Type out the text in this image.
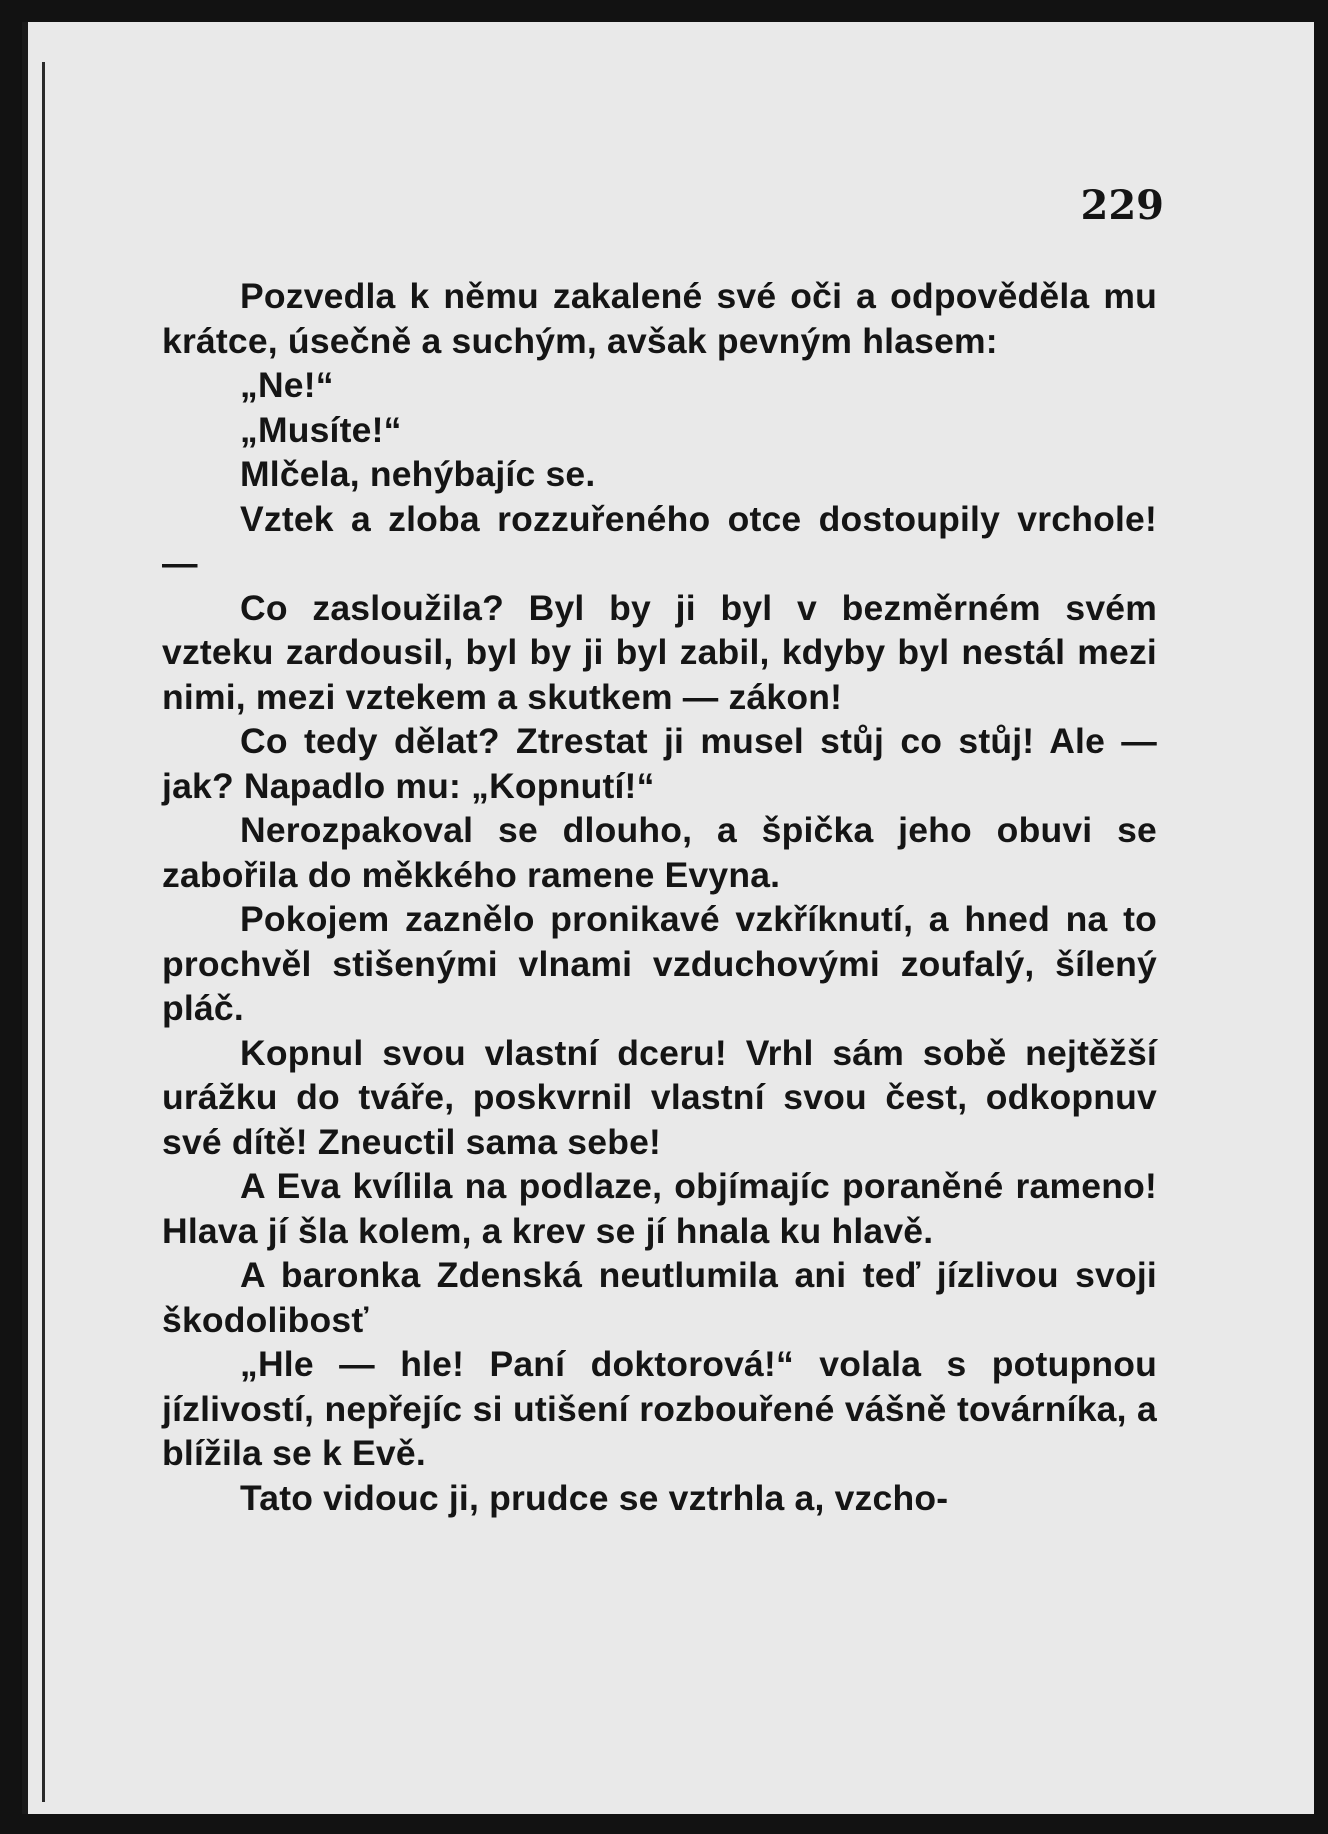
229

Pozvedla k němu zakalené své oči a odpověděla mu krátce, úsečně a suchým, avšak pevným hlasem:

„Ne!“

„Musíte!“

Mlčela, nehýbajíc se.

Vztek a zloba rozzuřeného otce dostoupily vrchole! —

Co zasloužila? Byl by ji byl v bezměrném svém vzteku zardousil, byl by ji byl zabil, kdyby byl nestál mezi nimi, mezi vztekem a skutkem — zákon!

Co tedy dělat? Ztrestat ji musel stůj co stůj! Ale — jak? Napadlo mu: „Kopnutí!“

Nerozpakoval se dlouho, a špička jeho obuvi se zabořila do měkkého ramene Evyna.

Pokojem zaznělo pronikavé vzkříknutí, a hned na to prochvěl stišenými vlnami vzduchovými zoufalý, šílený pláč.

Kopnul svou vlastní dceru! Vrhl sám sobě nejtěžší urážku do tváře, poskvrnil vlastní svou čest, odkopnuv své dítě! Zneuctil sama sebe!

A Eva kvílila na podlaze, objímajíc poraněné rameno! Hlava jí šla kolem, a krev se jí hnala ku hlavě.

A baronka Zdenská neutlumila ani teď jízlivou svoji škodolibosť

„Hle — hle! Paní doktorová!“ volala s potupnou jízlivostí, nepřejíc si utišení rozbouřené vášně továrníka, a blížila se k Evě.

Tato vidouc ji, prudce se vztrhla a, vzcho-
